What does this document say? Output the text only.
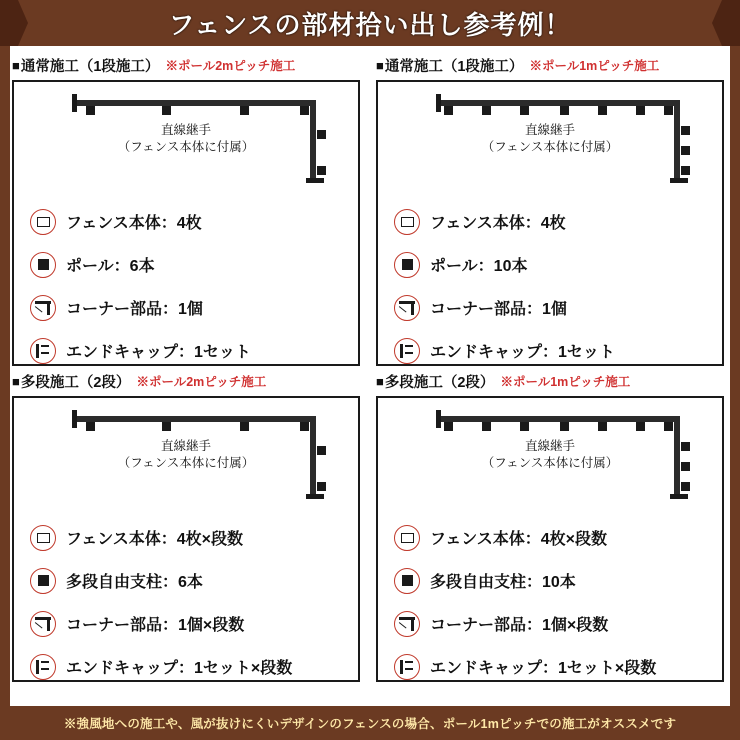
フェンスの部材拾い出し参考例！
■ 通常施工（1段施工） ※ポール2mピッチ施工
直線継手
（フェンス本体に付属）
フェンス本体：4枚
ポール：6本
コーナー部品：1個
エンドキャップ：1セット
■ 通常施工（1段施工） ※ポール1mピッチ施工
直線継手
（フェンス本体に付属）
フェンス本体：4枚
ポール：10本
コーナー部品：1個
エンドキャップ：1セット
■ 多段施工（2段） ※ポール2mピッチ施工
直線継手
（フェンス本体に付属）
フェンス本体：4枚×段数
多段自由支柱：6本
コーナー部品：1個×段数
エンドキャップ：1セット×段数
■ 多段施工（2段） ※ポール1mピッチ施工
直線継手
（フェンス本体に付属）
フェンス本体：4枚×段数
多段自由支柱：10本
コーナー部品：1個×段数
エンドキャップ：1セット×段数
※強風地への施工や、風が抜けにくいデザインのフェンスの場合、ポール1mピッチでの施工がオススメです
